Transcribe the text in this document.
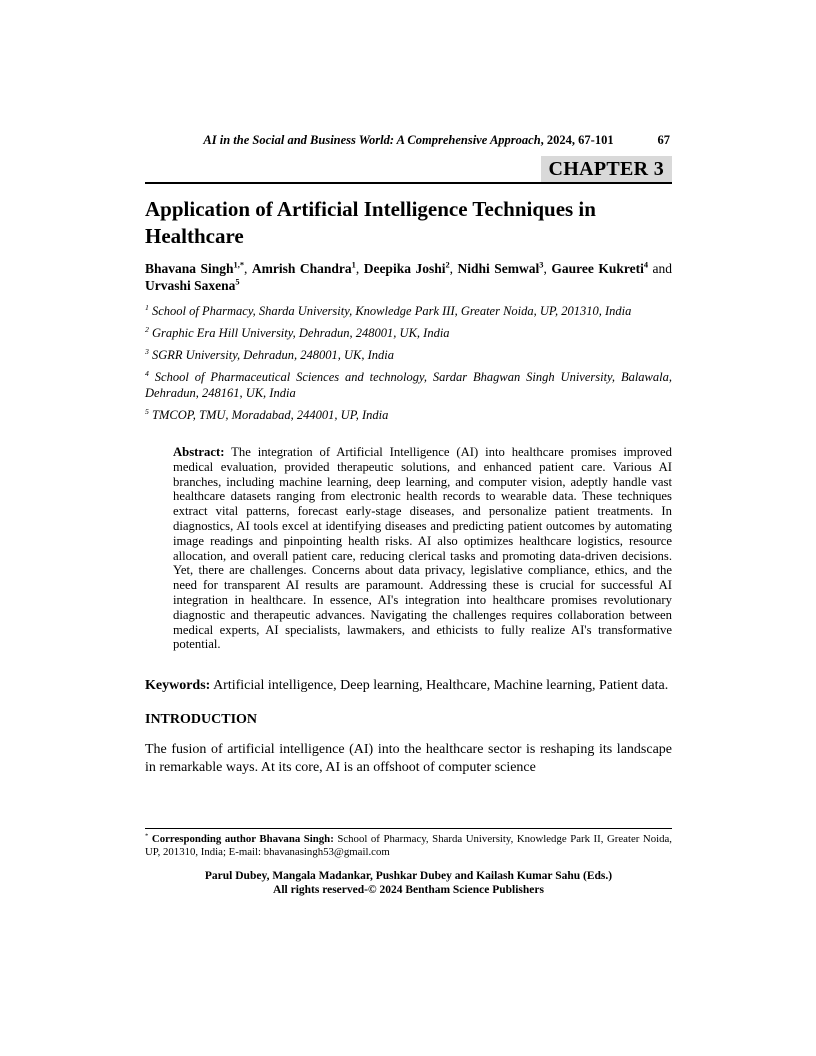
AI in the Social and Business World: A Comprehensive Approach, 2024, 67-101	67
CHAPTER 3
Application of Artificial Intelligence Techniques in Healthcare

Bhavana Singh$^{1,*}$, Amrish Chandra$^1$, Deepika Joshi$^2$, Nidhi Semwal$^3$, Gauree Kukreti$^4$ and Urvashi Saxena$^5$

$^1$ School of Pharmacy, Sharda University, Knowledge Park III, Greater Noida, UP, 201310, India

$^2$ Graphic Era Hill University, Dehradun, 248001, UK, India

$^3$ SGRR University, Dehradun, 248001, UK, India

$^4$ School of Pharmaceutical Sciences and technology, Sardar Bhagwan Singh University, Balawala, Dehradun, 248161, UK, India

$^5$ TMCOP, TMU, Moradabad, 244001, UP, India

Abstract: The integration of Artificial Intelligence (AI) into healthcare promises improved medical evaluation, provided therapeutic solutions, and enhanced patient care. Various AI branches, including machine learning, deep learning, and computer vision, adeptly handle vast healthcare datasets ranging from electronic health records to wearable data. These techniques extract vital patterns, forecast early-stage diseases, and personalize patient treatments. In diagnostics, AI tools excel at identifying diseases and predicting patient outcomes by automating image readings and pinpointing health risks. AI also optimizes healthcare logistics, resource allocation, and overall patient care, reducing clerical tasks and promoting data-driven decisions. Yet, there are challenges. Concerns about data privacy, legislative compliance, ethics, and the need for transparent AI results are paramount. Addressing these is crucial for successful AI integration in healthcare. In essence, AI's integration into healthcare promises revolutionary diagnostic and therapeutic advances. Navigating the challenges requires collaboration between medical experts, AI specialists, lawmakers, and ethicists to fully realize AI's transformative potential.

Keywords: Artificial intelligence, Deep learning, Healthcare, Machine learning, Patient data.

INTRODUCTION

The fusion of artificial intelligence (AI) into the healthcare sector is reshaping its landscape in remarkable ways. At its core, AI is an offshoot of computer science

* Corresponding author Bhavana Singh: School of Pharmacy, Sharda University, Knowledge Park II, Greater Noida, UP, 201310, India; E-mail: bhavanasingh53@gmail.com

Parul Dubey, Mangala Madankar, Pushkar Dubey and Kailash Kumar Sahu (Eds.)
All rights reserved-© 2024 Bentham Science Publishers
